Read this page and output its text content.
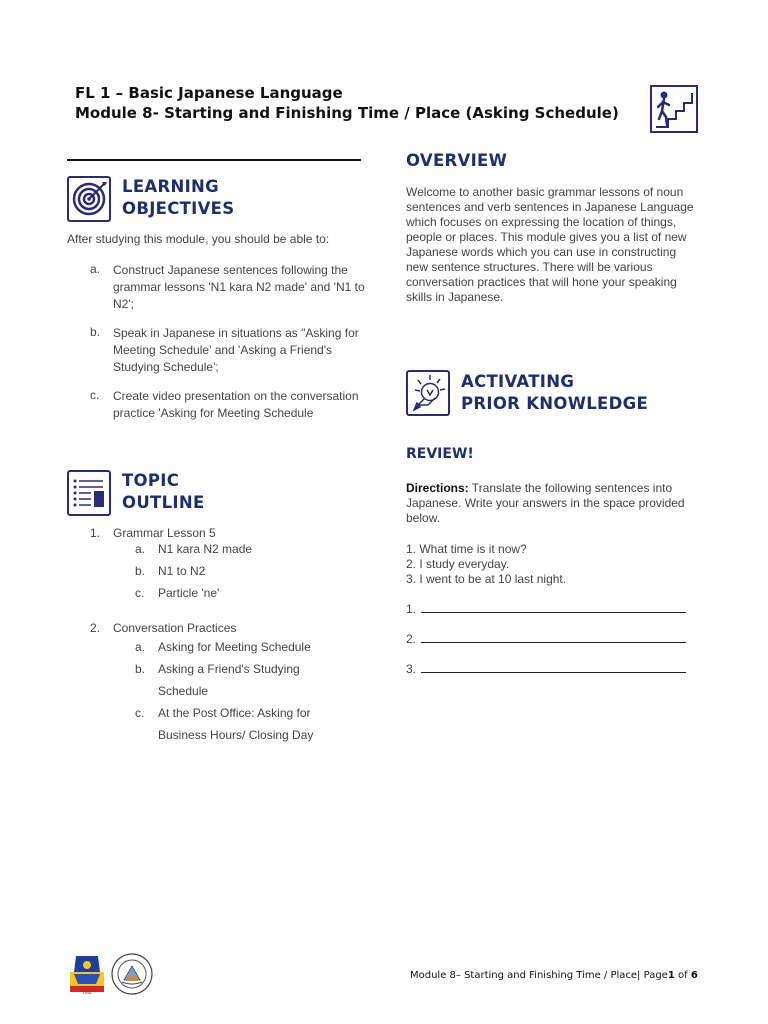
FL 1 – Basic Japanese Language
Module 8- Starting and Finishing Time / Place (Asking Schedule)
LEARNING
OBJECTIVES
After studying this module, you should be able to:
a. Construct Japanese sentences following the grammar lessons 'N1 kara N2 made' and 'N1 to N2';
b. Speak in Japanese in situations as "Asking for Meeting Schedule' and 'Asking a Friend's Studying Schedule';
c. Create video presentation on the conversation practice 'Asking for Meeting Schedule
TOPIC
OUTLINE
1. Grammar Lesson 5
a. N1 kara N2 made
b. N1 to N2
c. Particle 'ne'
2. Conversation Practices
a. Asking for Meeting Schedule
b. Asking a Friend's Studying Schedule
c. At the Post Office: Asking for Business Hours/ Closing Day
OVERVIEW
Welcome to another basic grammar lessons of noun sentences and verb sentences in Japanese Language which focuses on expressing the location of things, people or places. This module gives you a list of new Japanese words which you can use in constructing new sentence structures. There will be various conversation practices that will hone your speaking skills in Japanese.
ACTIVATING
PRIOR KNOWLEDGE
REVIEW!
Directions: Translate the following sentences into Japanese. Write your answers in the space provided below.
1. What time is it now?
2. I study everyday.
3. I went to be at 10 last night.
1.
2.
3.
1946
Module 8– Starting and Finishing Time / Place| Page1 of 6
